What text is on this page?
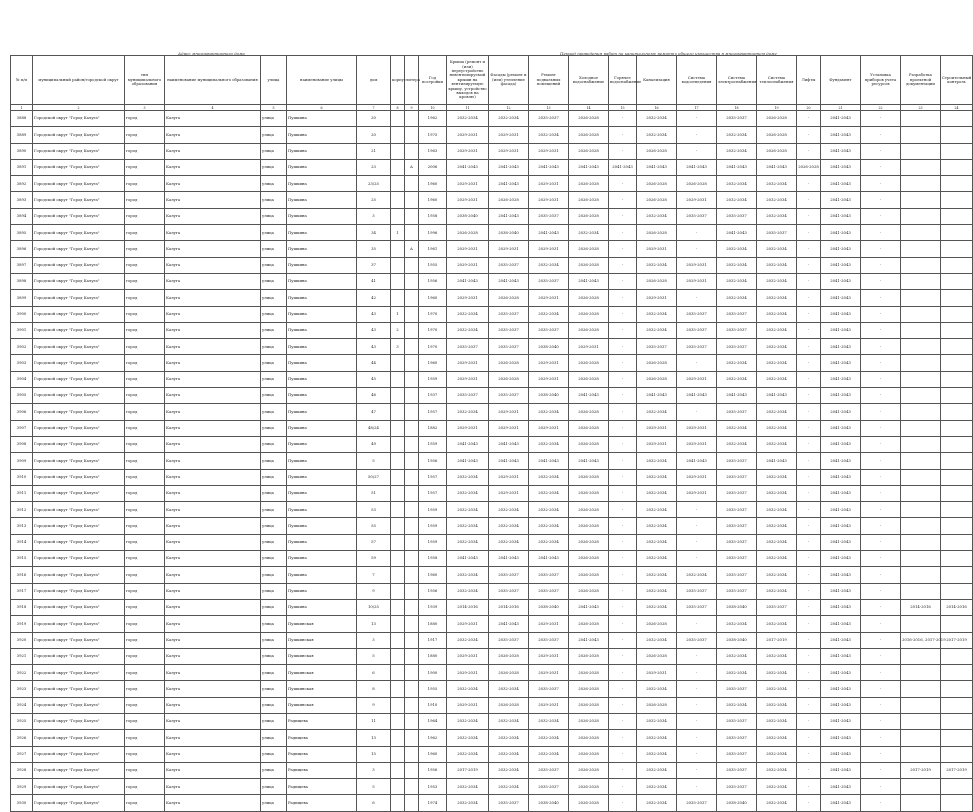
Адрес многоквартирного дома	Период проведения работ по капитальному ремонту общего имущества в многоквартирном доме
№ п/п	муниципальный район/городской округ	тип муниципального образования	наименование муниципального образования	улица	наименование улицы	дом	корпус	литера	Год постройки	Крыша (ремонт и (или) переустройство невентилируемой крыши на вентилируемую крышу, устройство выходов на кровлю)	Фасады (ремонт и (или) утепление фасада)	Ремонт подвальных помещений	Холодное водоснабжение	Горячее водоснабжение	Канализация	Система водоотведения	Система электроснабжения	Система теплоснабжения	Лифты	Фундамент	Установка приборов учета ресурсов	Разработка проектной документации	Строительный контроль
1	2	3	4	5	6	7	8	9	10	11	12	13	14	15	16	17	18	19	20	21	22	23	24
3888	Городской округ "Город Калуга"	город	Калуга	улица	Пушкина	20			1962	2032-2034	2032-2034	2035-2037	2026-2028	-	2032-2034	-	2035-2037	2026-2028	-	2041-2043	-		
3889	Городской округ "Город Калуга"	город	Калуга	улица	Пушкина	20			1975	2029-2031	2029-2031	2032-2034	2026-2028	-	2032-2034	-	2032-2034	2026-2028	-	2041-2043	-		
3890	Городской округ "Город Калуга"	город	Калуга	улица	Пушкина	21			1963	2029-2031	2029-2031	2029-2031	2026-2028	-	2026-2028	-	2032-2034	2026-2028	-	2041-2043	-		
3891	Городской округ "Город Калуга"	город	Калуга	улица	Пушкина	23		А	2006	2041-2043	2041-2043	2041-2043	2041-2043	2041-2043	2041-2043	2041-2043	2041-2043	2041-2043	2026-2028	2041-2043	-		
3892	Городской округ "Город Калуга"	город	Калуга	улица	Пушкина	23/25			1960	2029-2031	2041-2043	2029-2031	2026-2028	-	2026-2028	2026-2028	2032-2034	2032-2034	-	2041-2043	-		
3893	Городской округ "Город Калуга"	город	Калуга	улица	Пушкина	25			1960	2029-2031	2026-2028	2029-2031	2026-2028	-	2026-2028	2029-2031	2032-2034	2032-2034	-	2041-2043	-		
3894	Городской округ "Город Калуга"	город	Калуга	улица	Пушкина	3			1958	2038-2040	2041-2043	2035-2037	2026-2028	-	2032-2034	2035-2037	2035-2037	2032-2034	-	2041-2043	-		
3895	Городской округ "Город Калуга"	город	Калуга	улица	Пушкина	34	1		1996	2026-2028	2038-2040	2041-2043	2032-2034	-	2026-2028	-	2041-2043	2035-2037	-	2041-2043	-		
3896	Городской округ "Город Калуга"	город	Калуга	улица	Пушкина	35		А	1961	2029-2031	2029-2031	2029-2031	2026-2028	-	2029-2031	-	2032-2034	2032-2034	-	2041-2043	-		
3897	Городской округ "Город Калуга"	город	Калуга	улица	Пушкина	37			1955	2029-2031	2035-2037	2032-2034	2026-2028	-	2032-2034	2029-2031	2032-2034	2032-2034	-	2041-2043	-		
3898	Городской округ "Город Калуга"	город	Калуга	улица	Пушкина	41			1956	2041-2043	2041-2043	2035-2037	2041-2043	-	2026-2028	2029-2031	2032-2034	2032-2034	-	2041-2043	-		
3899	Городской округ "Город Калуга"	город	Калуга	улица	Пушкина	42			1960	2029-2031	2026-2028	2029-2031	2026-2028	-	2029-2031	-	2032-2034	2032-2034	-	2041-2043	-		
3900	Городской округ "Город Калуга"	город	Калуга	улица	Пушкина	43	1		1970	2032-2034	2035-2037	2032-2034	2026-2028	-	2032-2034	2035-2037	2035-2037	2032-2034	-	2041-2043	-		
3901	Городской округ "Город Калуга"	город	Калуга	улица	Пушкина	43	2		1970	2032-2034	2035-2037	2035-2037	2026-2028	-	2032-2034	2035-2037	2035-2037	2032-2034	-	2041-2043	-		
3902	Городской округ "Город Калуга"	город	Калуга	улица	Пушкина	43	3		1970	2035-2037	2035-2037	2038-2040	2029-2031	-	2035-2037	2035-2037	2035-2037	2032-2034	-	2041-2043	-		
3903	Городской округ "Город Калуга"	город	Калуга	улица	Пушкина	44			1960	2029-2031	2026-2028	2029-2031	2026-2028	-	2026-2028	-	2032-2034	2032-2034	-	2041-2043	-		
3904	Городской округ "Город Калуга"	город	Калуга	улица	Пушкина	45			1959	2029-2031	2026-2028	2029-2031	2026-2028	-	2026-2028	2029-2031	2032-2034	2032-2034	-	2041-2043	-		
3905	Городской округ "Город Калуга"	город	Калуга	улица	Пушкина	46			1937	2035-2037	2035-2037	2038-2040	2041-2043	-	2041-2043	2041-2043	2041-2043	2041-2043	-	2041-2043	-		
3906	Городской округ "Город Калуга"	город	Калуга	улица	Пушкина	47			1957	2032-2034	2029-2031	2032-2034	2026-2028	-	2032-2034	-	2035-2037	2032-2034	-	2041-2043	-		
3907	Городской округ "Город Калуга"	город	Калуга	улица	Пушкина	48/24			1882	2029-2031	2029-2031	2029-2031	2026-2028	-	2029-2031	2029-2031	2032-2034	2032-2034	-	2041-2043	-		
3908	Городской округ "Город Калуга"	город	Калуга	улица	Пушкина	49			1959	2041-2043	2041-2043	2032-2034	2026-2028	-	2029-2031	2029-2031	2032-2034	2032-2034	-	2041-2043	-		
3909	Городской округ "Город Калуга"	город	Калуга	улица	Пушкина	5			1956	2041-2043	2041-2043	2041-2043	2041-2043	-	2032-2034	2041-2043	2035-2037	2041-2043	-	2041-2043	-		
3910	Городской округ "Город Калуга"	город	Калуга	улица	Пушкина	50/27			1957	2032-2034	2029-2031	2032-2034	2026-2028	-	2032-2034	2029-2031	2035-2037	2032-2034	-	2041-2043	-		
3911	Городской округ "Город Калуга"	город	Калуга	улица	Пушкина	51			1957	2032-2034	2029-2031	2032-2034	2026-2028	-	2032-2034	2029-2031	2035-2037	2032-2034	-	2041-2043	-		
3912	Городской округ "Город Калуга"	город	Калуга	улица	Пушкина	53			1959	2032-2034	2032-2034	2032-2034	2026-2028	-	2032-2034	-	2035-2037	2032-2034	-	2041-2043	-		
3913	Городской округ "Город Калуга"	город	Калуга	улица	Пушкина	55			1959	2032-2034	2032-2034	2032-2034	2026-2028	-	2032-2034	-	2035-2037	2032-2034	-	2041-2043	-		
3914	Городской округ "Город Калуга"	город	Калуга	улица	Пушкина	57			1959	2032-2034	2032-2034	2032-2034	2026-2028	-	2032-2034	-	2035-2037	2032-2034	-	2041-2043	-		
3915	Городской округ "Город Калуга"	город	Калуга	улица	Пушкина	59			1958	2041-2043	2041-2043	2041-2043	2026-2028	-	2032-2034	-	2035-2037	2032-2034	-	2041-2043	-		
3916	Городской округ "Город Калуга"	город	Калуга	улица	Пушкина	7			1960	2032-2034	2035-2037	2035-2037	2026-2028	-	2032-2034	2032-2034	2035-2037	2032-2034	-	2041-2043	-		
3917	Городской округ "Город Калуга"	город	Калуга	улица	Пушкина	9			1956	2032-2034	2035-2037	2035-2037	2026-2028	-	2032-2034	2035-2037	2035-2037	2032-2034	-	2041-2043	-		
3918	Городской округ "Город Калуга"	город	Калуга	улица	Пушкина	10/25			1939	2014-2016	2014-2016	2038-2040	2041-2043	-	2032-2034	2035-2037	2038-2040	2035-2037	-	2041-2043	-	2014-2016	2014-2016
3919	Городской округ "Город Калуга"	город	Калуга	улица	Пушкинская	13			1880	2029-2031	2041-2043	2029-2031	2026-2028	-	2026-2028	-	2032-2034	2032-2034	-	2041-2043	-		
3920	Городской округ "Город Калуга"	город	Калуга	улица	Пушкинская	3			1917	2032-2034	2035-2037	2035-2037	2041-2043	-	2032-2034	2035-2037	2038-2040	2017-2019	-	2041-2043	-	2016-2016, 2017-2019	2017-2019
3921	Городской округ "Город Калуга"	город	Калуга	улица	Пушкинская	5			1880	2029-2031	2026-2028	2029-2031	2026-2028	-	2026-2028	-	2032-2034	2032-2034	-	2041-2043	-		
3922	Городской округ "Город Калуга"	город	Калуга	улица	Пушкинская	6			1900	2029-2031	2026-2028	2029-2031	2026-2028	-	2029-2031	-	2032-2034	2032-2034	-	2041-2043	-		
3923	Городской округ "Город Калуга"	город	Калуга	улица	Пушкинская	8			1955	2032-2034	2032-2034	2035-2037	2026-2028	-	2032-2034	-	2035-2037	2032-2034	-	2041-2043	-		
3924	Городской округ "Город Калуга"	город	Калуга	улица	Пушкинская	9			1910	2029-2031	2026-2028	2029-2031	2026-2028	-	2026-2028	-	2032-2034	2032-2034	-	2041-2043	-		
3925	Городской округ "Город Калуга"	город	Калуга	улица	Радищева	11			1964	2032-2034	2032-2034	2032-2034	2026-2028	-	2032-2034	-	2035-2037	2032-2034	-	2041-2043	-		
3926	Городской округ "Город Калуга"	город	Калуга	улица	Радищева	13			1962	2032-2034	2032-2034	2032-2034	2026-2028	-	2032-2034	-	2035-2037	2032-2034	-	2041-2043	-		
3927	Городской округ "Город Калуга"	город	Калуга	улица	Радищева	15			1960	2032-2034	2032-2034	2032-2034	2026-2028	-	2032-2034	-	2035-2037	2032-2034	-	2041-2043	-		
3928	Городской округ "Город Калуга"	город	Калуга	улица	Радищева	3			1956	2017-2019	2032-2034	2035-2037	2026-2028	-	2032-2034	-	2035-2037	2032-2034	-	2041-2043	-	2017-2019	2017-2019
3929	Городской округ "Город Калуга"	город	Калуга	улица	Радищева	5			1953	2032-2034	2032-2034	2035-2037	2026-2028	-	2032-2034	-	2035-2037	2032-2034	-	2041-2043	-		
3930	Городской округ "Город Калуга"	город	Калуга	улица	Радищева	6			1974	2032-2034	2035-2037	2038-2040	2026-2028	-	2032-2034	2035-2037	2038-2040	2032-2034	-	2041-2043	-		
